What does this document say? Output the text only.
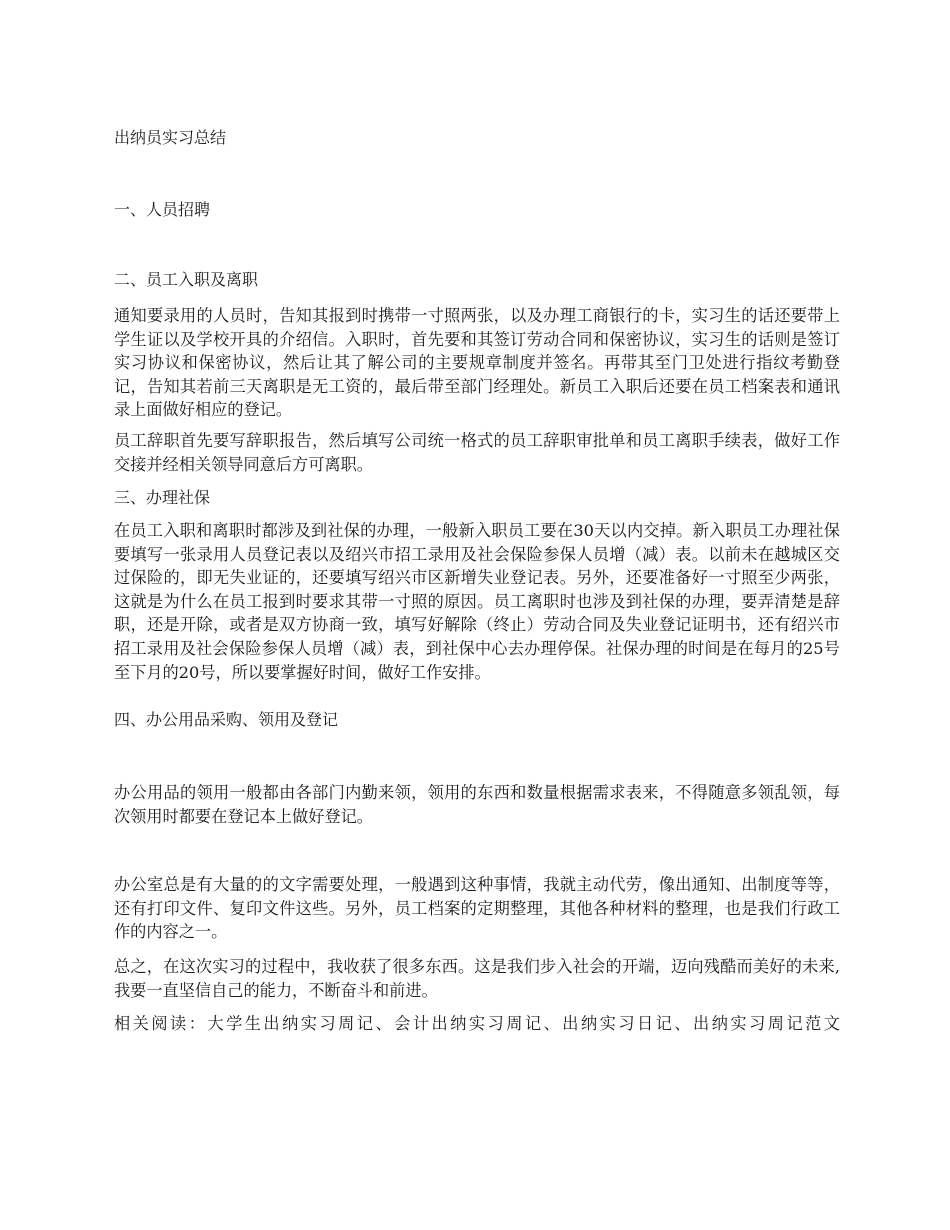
出纳员实习总结
一、人员招聘
二、员工入职及离职
通知要录用的人员时，告知其报到时携带一寸照两张，以及办理工商银行的卡，实习生的话还要带上学生证以及学校开具的介绍信。入职时，首先要和其签订劳动合同和保密协议，实习生的话则是签订实习协议和保密协议，然后让其了解公司的主要规章制度并签名。再带其至门卫处进行指纹考勤登记，告知其若前三天离职是无工资的，最后带至部门经理处。新员工入职后还要在员工档案表和通讯录上面做好相应的登记。
员工辞职首先要写辞职报告，然后填写公司统一格式的员工辞职审批单和员工离职手续表，做好工作交接并经相关领导同意后方可离职。
三、办理社保
在员工入职和离职时都涉及到社保的办理，一般新入职员工要在30天以内交掉。新入职员工办理社保要填写一张录用人员登记表以及绍兴市招工录用及社会保险参保人员增（减）表。以前未在越城区交过保险的，即无失业证的，还要填写绍兴市区新增失业登记表。另外，还要准备好一寸照至少两张，这就是为什么在员工报到时要求其带一寸照的原因。员工离职时也涉及到社保的办理，要弄清楚是辞职，还是开除，或者是双方协商一致，填写好解除（终止）劳动合同及失业登记证明书，还有绍兴市招工录用及社会保险参保人员增（减）表，到社保中心去办理停保。社保办理的时间是在每月的25号至下月的20号，所以要掌握好时间，做好工作安排。
四、办公用品采购、领用及登记
办公用品的领用一般都由各部门内勤来领，领用的东西和数量根据需求表来，不得随意多领乱领，每次领用时都要在登记本上做好登记。
办公室总是有大量的的文字需要处理，一般遇到这种事情，我就主动代劳，像出通知、出制度等等，还有打印文件、复印文件这些。另外，员工档案的定期整理，其他各种材料的整理，也是我们行政工作的内容之一。
总之，在这次实习的过程中，我收获了很多东西。这是我们步入社会的开端，迈向残酷而美好的未来,我要一直坚信自己的能力，不断奋斗和前进。
相关阅读：大学生出纳实习周记、会计出纳实习周记、出纳实习日记、出纳实习周记范文
